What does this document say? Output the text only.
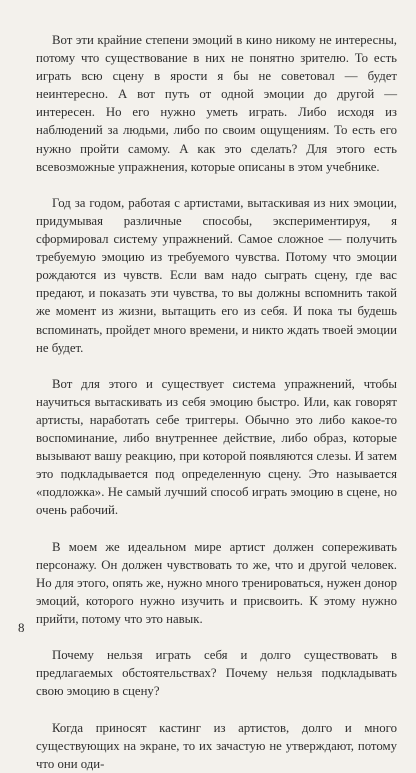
Вот эти крайние степени эмоций в кино никому не интересны, потому что существование в них не понятно зрителю. То есть играть всю сцену в ярости я бы не советовал — будет неинтересно. А вот путь от одной эмоции до другой — интересен. Но его нужно уметь играть. Либо исходя из наблюдений за людьми, либо по своим ощущениям. То есть его нужно пройти самому. А как это сделать? Для этого есть всевозможные упражнения, которые описаны в этом учебнике.

Год за годом, работая с артистами, вытаскивая из них эмоции, придумывая различные способы, экспериментируя, я сформировал систему упражнений. Самое сложное — получить требуемую эмоцию из требуемого чувства. Потому что эмоции рождаются из чувств. Если вам надо сыграть сцену, где вас предают, и показать эти чувства, то вы должны вспомнить такой же момент из жизни, вытащить его из себя. И пока ты будешь вспоминать, пройдет много времени, и никто ждать твоей эмоции не будет.

Вот для этого и существует система упражнений, чтобы научиться вытаскивать из себя эмоцию быстро. Или, как говорят артисты, наработать себе триггеры. Обычно это либо какое-то воспоминание, либо внутреннее действие, либо образ, которые вызывают вашу реакцию, при которой появляются слезы. И затем это подкладывается под определенную сцену. Это называется «подложка». Не самый лучший способ играть эмоцию в сцене, но очень рабочий.

В моем же идеальном мире артист должен сопереживать персонажу. Он должен чувствовать то же, что и другой человек. Но для этого, опять же, нужно много тренироваться, нужен донор эмоций, которого нужно изучить и присвоить. К этому нужно прийти, потому что это навык.

Почему нельзя играть себя и долго существовать в предлагаемых обстоятельствах? Почему нельзя подкладывать свою эмоцию в сцену?

Когда приносят кастинг из артистов, долго и много существующих на экране, то их зачастую не утверждают, потому что они оди-

8
